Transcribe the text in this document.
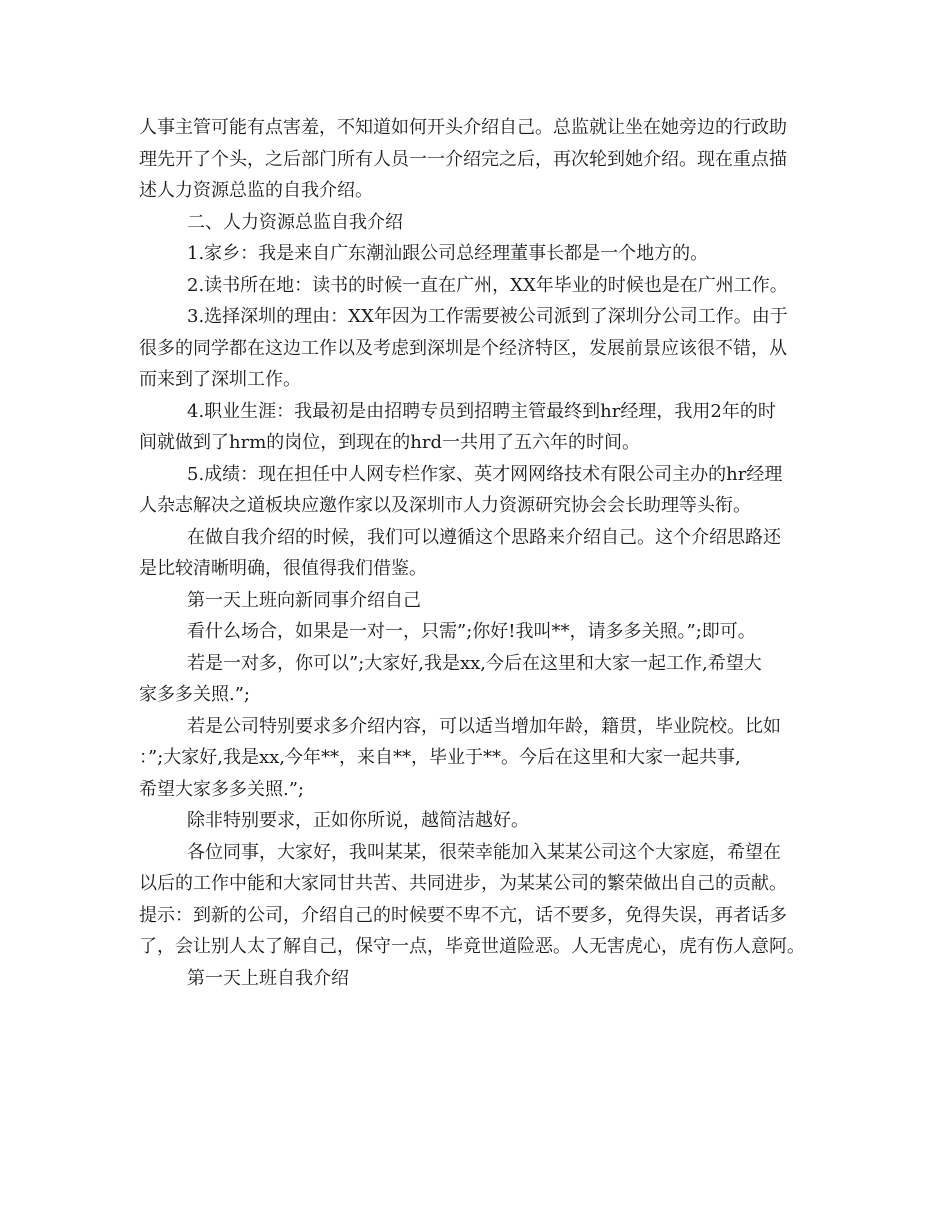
人事主管可能有点害羞，不知道如何开头介绍自己。总监就让坐在她旁边的行政助

理先开了个头，之后部门所有人员一一介绍完之后，再次轮到她介绍。现在重点描

述人力资源总监的自我介绍。

二、人力资源总监自我介绍

1.家乡：我是来自广东潮汕跟公司总经理董事长都是一个地方的。

2.读书所在地：读书的时候一直在广州，XX年毕业的时候也是在广州工作。

3.选择深圳的理由：XX年因为工作需要被公司派到了深圳分公司工作。由于

很多的同学都在这边工作以及考虑到深圳是个经济特区，发展前景应该很不错，从

而来到了深圳工作。

4.职业生涯：我最初是由招聘专员到招聘主管最终到hr经理，我用2年的时

间就做到了hrm的岗位，到现在的hrd一共用了五六年的时间。

5.成绩：现在担任中人网专栏作家、英才网网络技术有限公司主办的hr经理

人杂志解决之道板块应邀作家以及深圳市人力资源研究协会会长助理等头衔。

在做自我介绍的时候，我们可以遵循这个思路来介绍自己。这个介绍思路还

是比较清晰明确，很值得我们借鉴。

第一天上班向新同事介绍自己

看什么场合，如果是一对一，只需”;你好!我叫**，请多多关照。”;即可。

若是一对多，你可以”;大家好,我是xx,今后在这里和大家一起工作,希望大

家多多关照.”;

若是公司特别要求多介绍内容，可以适当增加年龄，籍贯，毕业院校。比如

：”;大家好,我是xx,今年**，来自**，毕业于**。今后在这里和大家一起共事,

希望大家多多关照.”;

除非特别要求，正如你所说，越简洁越好。

各位同事，大家好，我叫某某，很荣幸能加入某某公司这个大家庭，希望在

以后的工作中能和大家同甘共苦、共同进步，为某某公司的繁荣做出自己的贡献。

提示：到新的公司，介绍自己的时候要不卑不亢，话不要多，免得失误，再者话多

了，会让别人太了解自己，保守一点，毕竟世道险恶。人无害虎心，虎有伤人意阿。

第一天上班自我介绍
